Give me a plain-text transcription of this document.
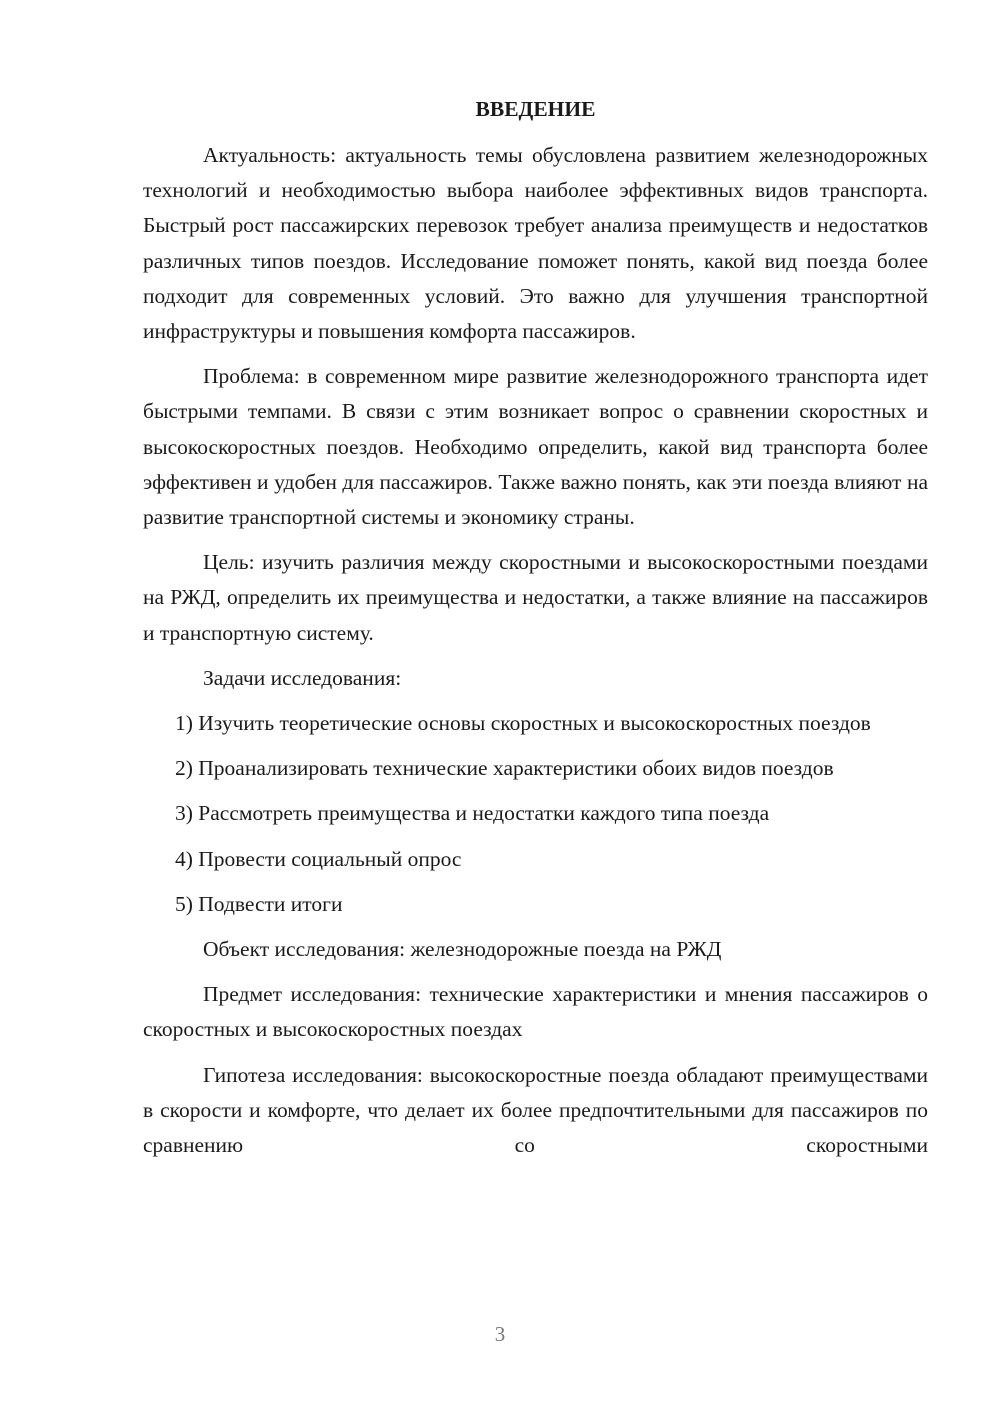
ВВЕДЕНИЕ
Актуальность: актуальность темы обусловлена развитием железнодорожных технологий и необходимостью выбора наиболее эффективных видов транспорта. Быстрый рост пассажирских перевозок требует анализа преимуществ и недостатков различных типов поездов. Исследование поможет понять, какой вид поезда более подходит для современных условий. Это важно для улучшения транспортной инфраструктуры и повышения комфорта пассажиров.
Проблема: в современном мире развитие железнодорожного транспорта идет быстрыми темпами. В связи с этим возникает вопрос о сравнении скоростных и высокоскоростных поездов. Необходимо определить, какой вид транспорта более эффективен и удобен для пассажиров. Также важно понять, как эти поезда влияют на развитие транспортной системы и экономику страны.
Цель: изучить различия между скоростными и высокоскоростными поездами на РЖД, определить их преимущества и недостатки, а также влияние на пассажиров и транспортную систему.
Задачи исследования:
1) Изучить теоретические основы скоростных и высокоскоростных поездов
2) Проанализировать технические характеристики обоих видов поездов
3) Рассмотреть преимущества и недостатки каждого типа поезда
4) Провести социальный опрос
5) Подвести итоги
Объект исследования: железнодорожные поезда на РЖД
Предмет исследования: технические характеристики и мнения пассажиров о скоростных и высокоскоростных поездах
Гипотеза исследования: высокоскоростные поезда обладают преимуществами в скорости и комфорте, что делает их более предпочтительными для пассажиров по сравнению со скоростными
3
